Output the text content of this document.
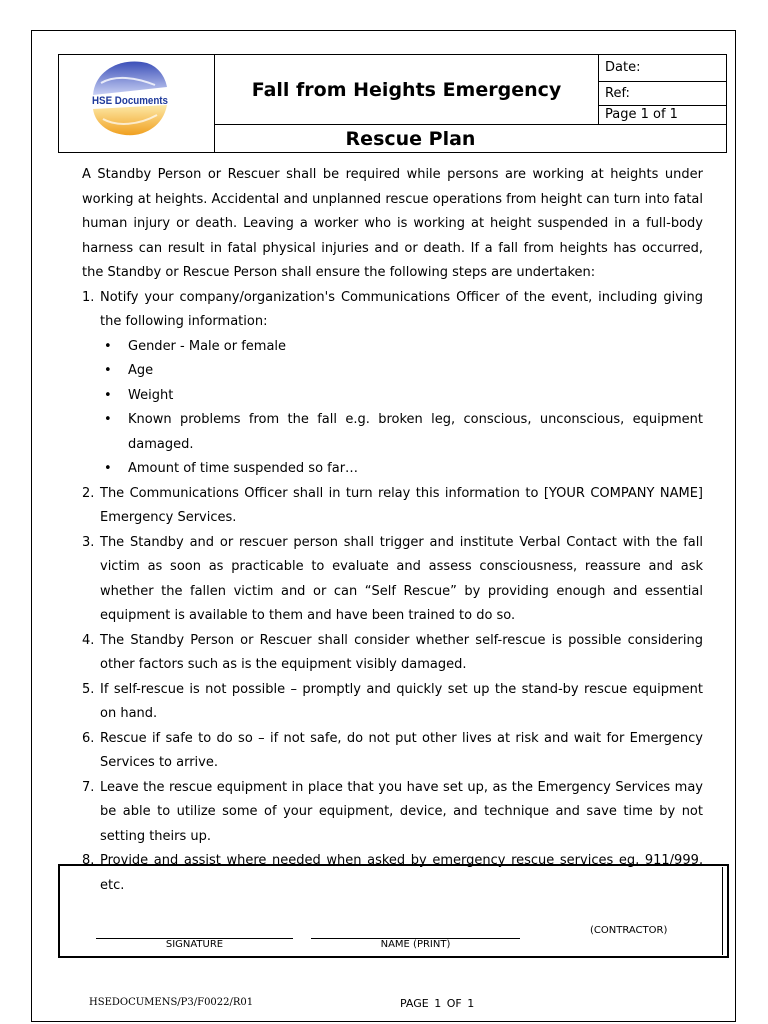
HSE Documents
Fall from Heights Emergency
Date:
Ref:
Page 1 of 1
Rescue Plan

A Standby Person or Rescuer shall be required while persons are working at heights under working at heights. Accidental and unplanned rescue operations from height can turn into fatal human injury or death. Leaving a worker who is working at height suspended in a full-body harness can result in fatal physical injuries and or death. If a fall from heights has occurred, the Standby or Rescue Person shall ensure the following steps are undertaken:

1. Notify your company/organization's Communications Officer of the event, including giving the following information:
• Gender - Male or female
• Age
• Weight
• Known problems from the fall e.g. broken leg, conscious, unconscious, equipment damaged.
• Amount of time suspended so far…
2. The Communications Officer shall in turn relay this information to [YOUR COMPANY NAME] Emergency Services.
3. The Standby and or rescuer person shall trigger and institute Verbal Contact with the fall victim as soon as practicable to evaluate and assess consciousness, reassure and ask whether the fallen victim and or can “Self Rescue” by providing enough and essential equipment is available to them and have been trained to do so.
4. The Standby Person or Rescuer shall consider whether self-rescue is possible considering other factors such as is the equipment visibly damaged.
5. If self-rescue is not possible – promptly and quickly set up the stand-by rescue equipment on hand.
6. Rescue if safe to do so – if not safe, do not put other lives at risk and wait for Emergency Services to arrive.
7. Leave the rescue equipment in place that you have set up, as the Emergency Services may be able to utilize some of your equipment, device, and technique and save time by not setting theirs up.
8. Provide and assist where needed when asked by emergency rescue services eg, 911/999, etc.
SIGNATURE	NAME (PRINT)
(CONTRACTOR)
HSEDOCUMENS/P3/F0022/R01	PAGE 1 OF 1
